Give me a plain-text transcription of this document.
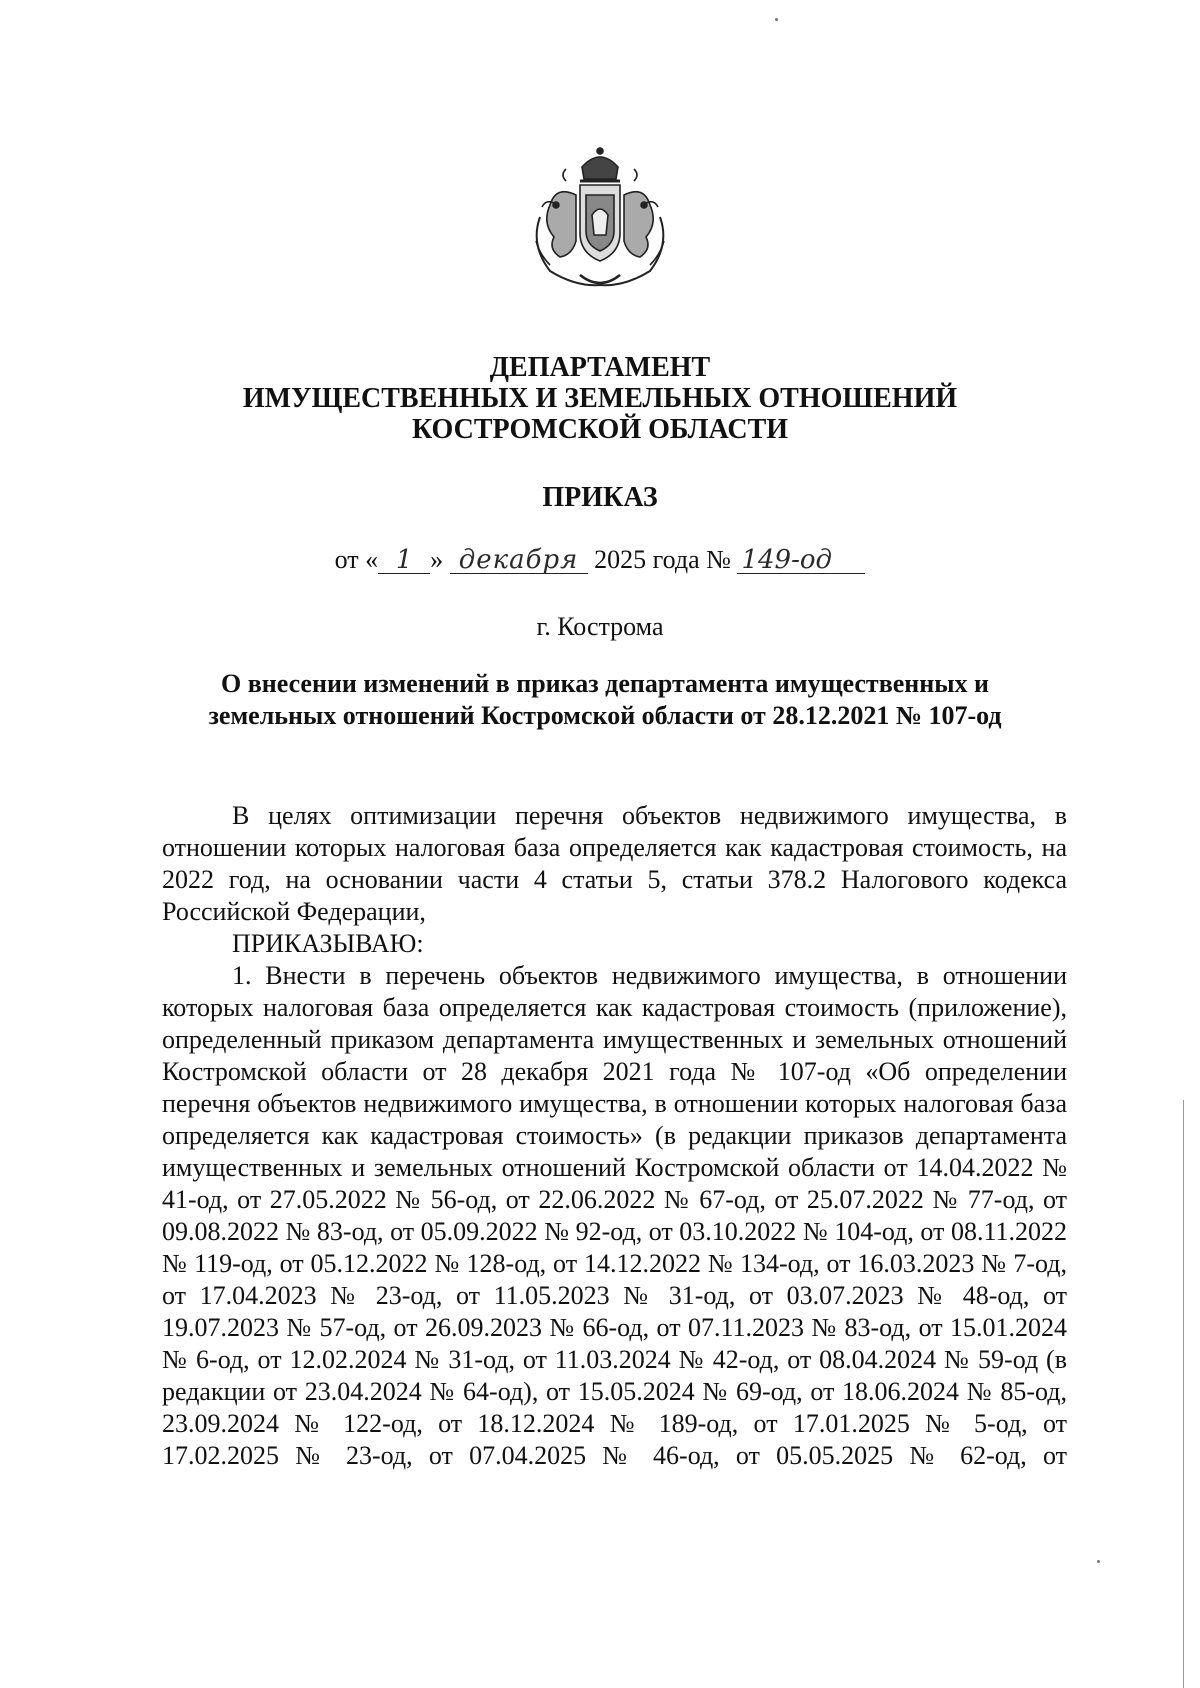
ДЕПАРТАМЕНТ
ИМУЩЕСТВЕННЫХ И ЗЕМЕЛЬНЫХ ОТНОШЕНИЙ
КОСТРОМСКОЙ ОБЛАСТИ
ПРИКАЗ
от « 1 » декабря 2025 года № 149-од
г. Кострома
О внесении изменений в приказ департамента имущественных и
земельных отношений Костромской области от 28.12.2021 № 107-од

В целях оптимизации перечня объектов недвижимого имущества, в отношении которых налоговая база определяется как кадастровая стоимость, на 2022 год, на основании части 4 статьи 5, статьи 378.2 Налогового кодекса Российской Федерации,

ПРИКАЗЫВАЮ:

1. Внести в перечень объектов недвижимого имущества, в отношении которых налоговая база определяется как кадастровая стоимость (приложение), определенный приказом департамента имущественных и земельных отношений Костромской области от 28 декабря 2021 года № 107-од «Об определении перечня объектов недвижимого имущества, в отношении которых налоговая база определяется как кадастровая стоимость» (в редакции приказов департамента имущественных и земельных отношений Костромской области от 14.04.2022 № 41-од, от 27.05.2022 № 56-од, от 22.06.2022 № 67-од, от 25.07.2022 № 77-од, от 09.08.2022 № 83-од, от 05.09.2022 № 92-од, от 03.10.2022 № 104-од, от 08.11.2022 № 119-од, от 05.12.2022 № 128-од, от 14.12.2022 № 134-од, от 16.03.2023 № 7-од, от 17.04.2023 № 23-од, от 11.05.2023 № 31-од, от 03.07.2023 № 48-од, от 19.07.2023 № 57-од, от 26.09.2023 № 66-од, от 07.11.2023 № 83-од, от 15.01.2024 № 6-од, от 12.02.2024 № 31-од, от 11.03.2024 № 42-од, от 08.04.2024 № 59-од (в редакции от 23.04.2024 № 64-од), от 15.05.2024 № 69-од, от 18.06.2024 № 85-од, 23.09.2024 № 122-од, от 18.12.2024 № 189-од, от 17.01.2025 № 5-од, от 17.02.2025 № 23-од, от 07.04.2025 № 46-од, от 05.05.2025 № 62-од, от
